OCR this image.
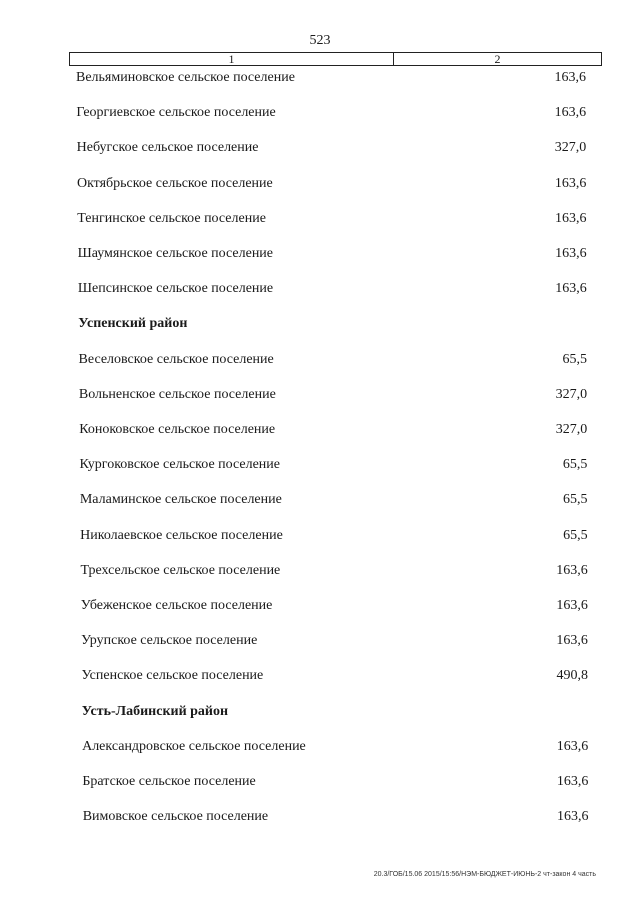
523
1	2
Вельяминовское сельское поселение	163,6
Георгиевское сельское поселение	163,6
Небугское сельское поселение	327,0
Октябрьское сельское поселение	163,6
Тенгинское сельское поселение	163,6
Шаумянское сельское поселение	163,6
Шепсинское сельское поселение	163,6
Успенский район
Веселовское сельское поселение	65,5
Вольненское сельское поселение	327,0
Коноковское сельское поселение	327,0
Кургоковское сельское поселение	65,5
Маламинское сельское поселение	65,5
Николаевское сельское поселение	65,5
Трехсельское сельское поселение	163,6
Убеженское сельское поселение	163,6
Урупское сельское поселение	163,6
Успенское сельское поселение	490,8
Усть-Лабинский район
Александровское сельское поселение	163,6
Братское сельское поселение	163,6
Вимовское сельское поселение	163,6
20.3/ГОБ/15.06 2015/15:56/НЭМ-БЮДЖЕТ-ИЮНЬ-2 чт-закон 4 часть
